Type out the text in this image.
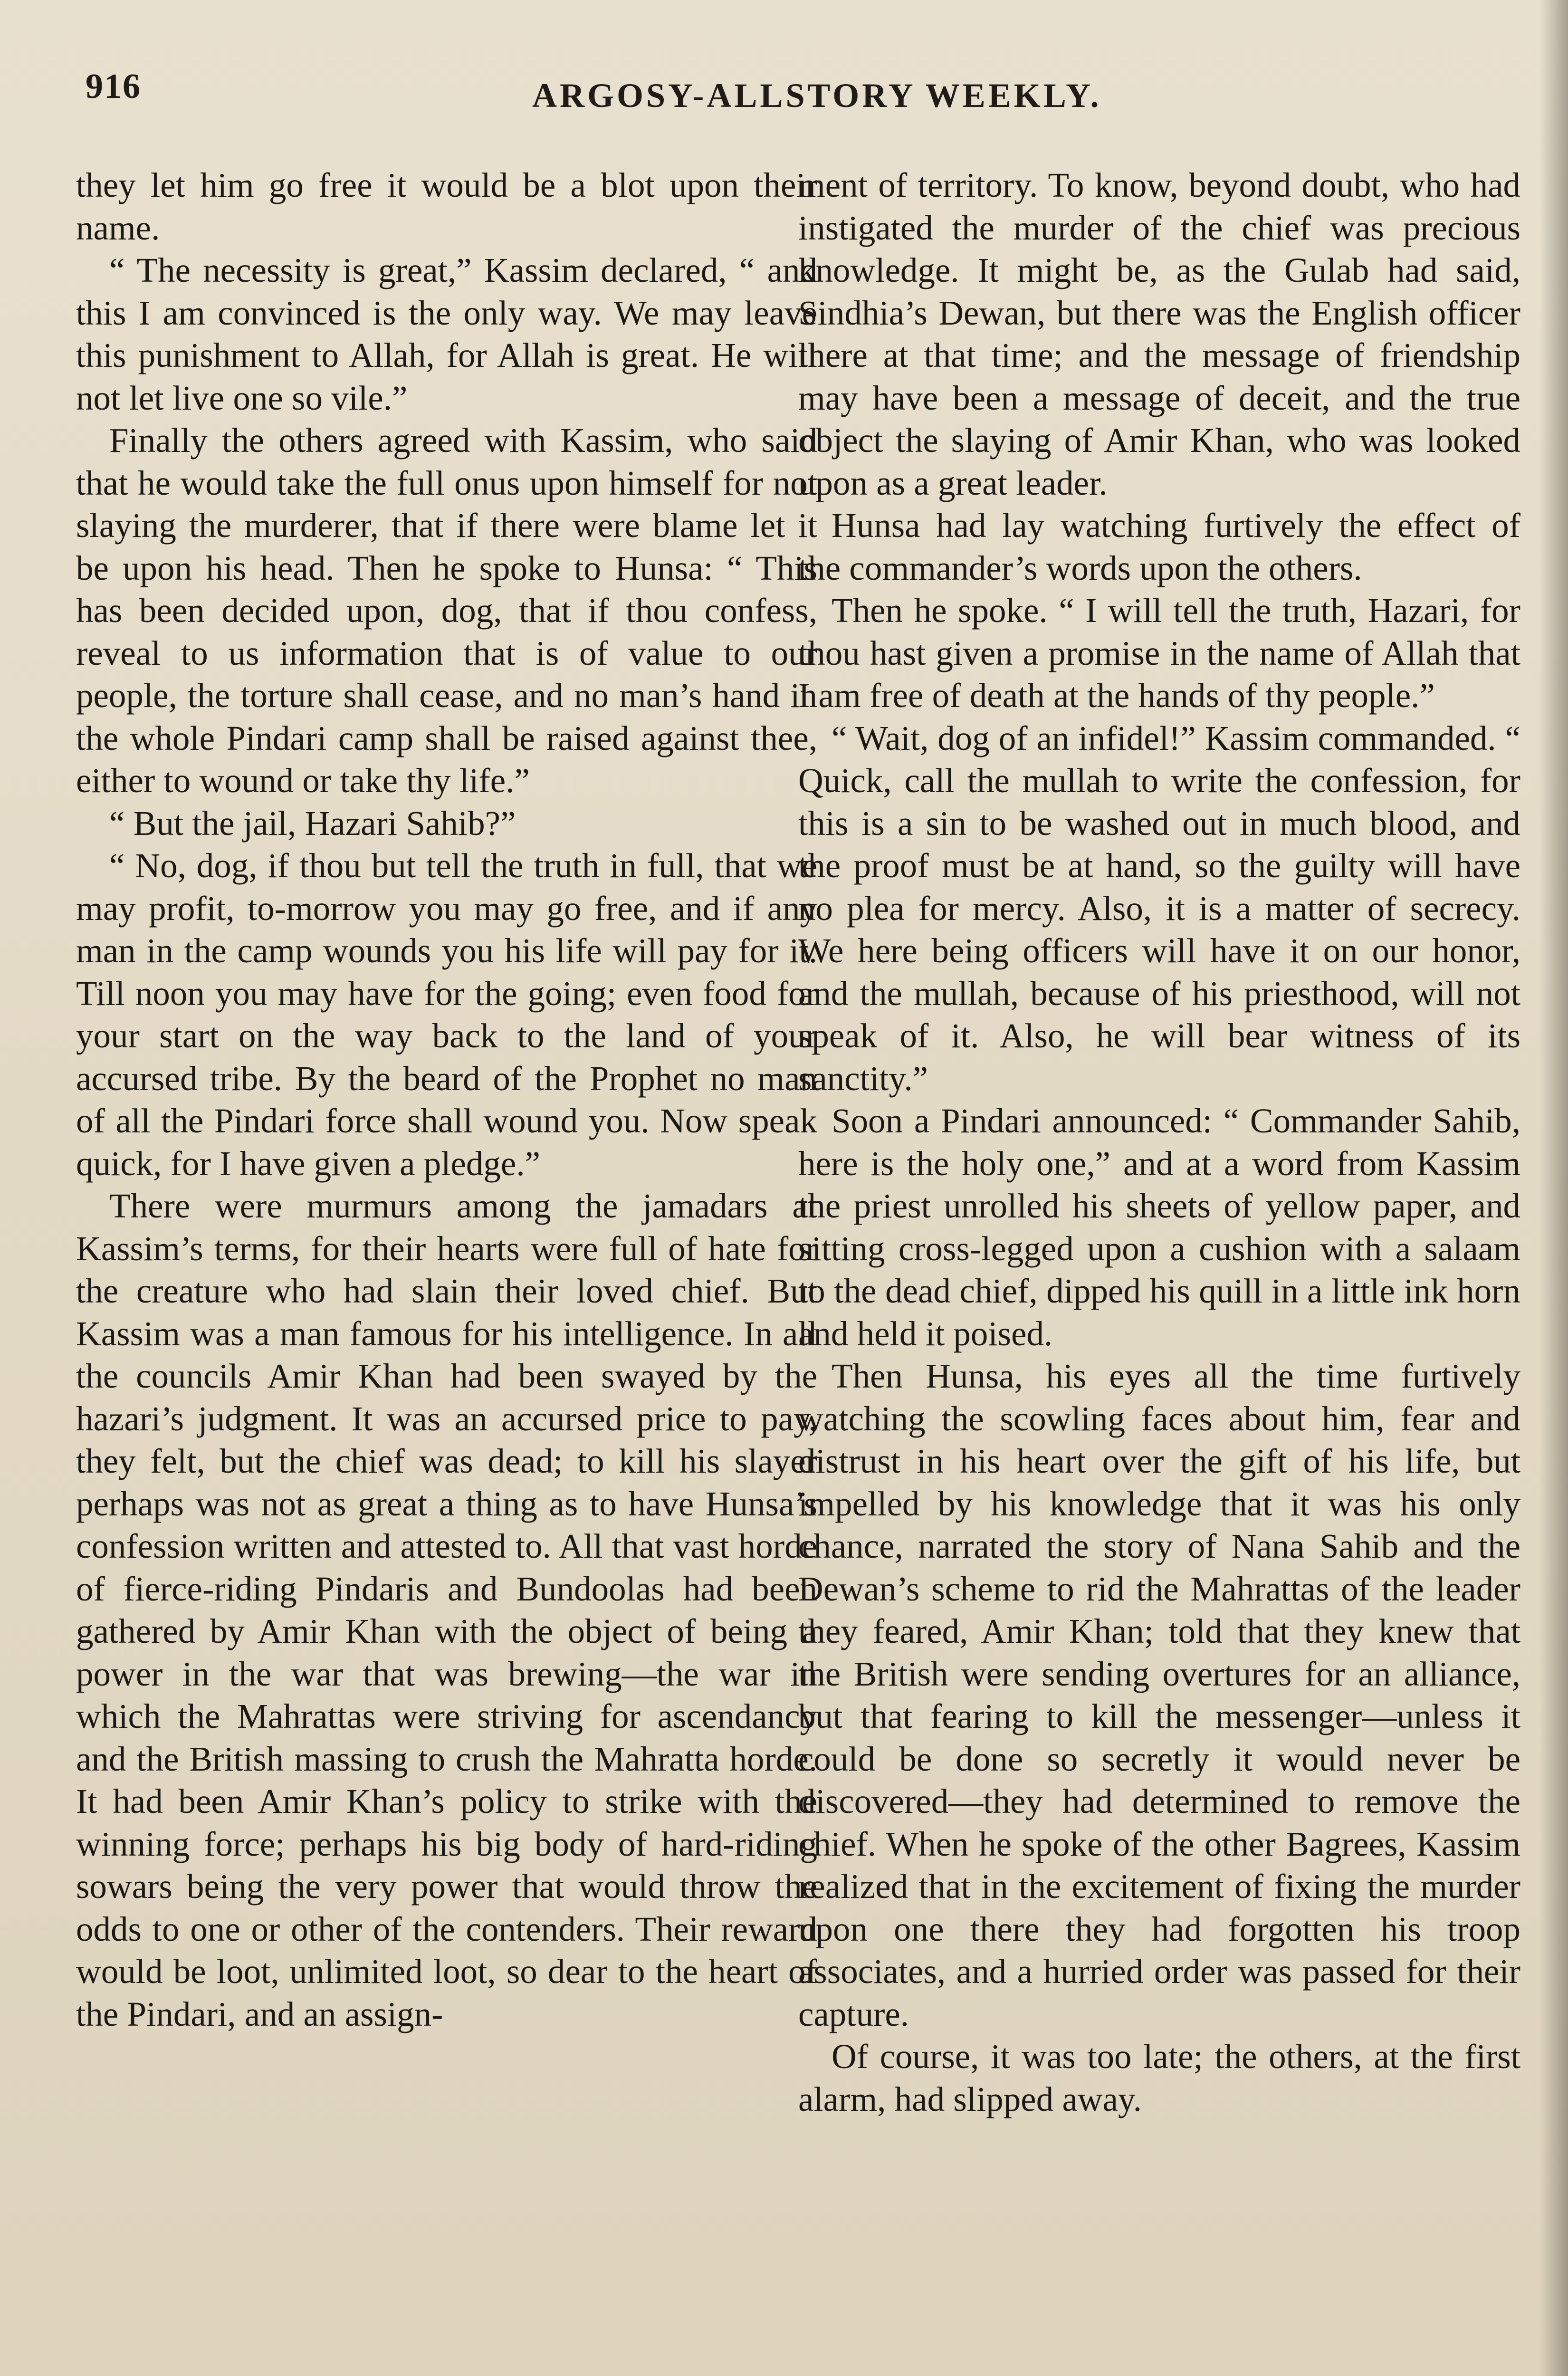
916	ARGOSY-ALLSTORY WEEKLY.

they let him go free it would be a blot upon their name.

“ The necessity is great,” Kassim declared, “ and this I am convinced is the only way. We may leave this punishment to Allah, for Allah is great. He will not let live one so vile.”

Finally the others agreed with Kassim, who said that he would take the full onus upon himself for not slaying the murderer, that if there were blame let it be upon his head. Then he spoke to Hunsa: “ This has been decided upon, dog, that if thou confess, reveal to us information that is of value to our people, the torture shall cease, and no man’s hand in the whole Pindari camp shall be raised against thee, either to wound or take thy life.”

“ But the jail, Hazari Sahib?”

“ No, dog, if thou but tell the truth in full, that we may profit, to-morrow you may go free, and if any man in the camp wounds you his life will pay for it. Till noon you may have for the going; even food for your start on the way back to the land of your accursed tribe. By the beard of the Prophet no man of all the Pindari force shall wound you. Now speak quick, for I have given a pledge.”

There were murmurs among the jamadars at Kassim’s terms, for their hearts were full of hate for the creature who had slain their loved chief. But Kassim was a man famous for his intelligence. In all the councils Amir Khan had been swayed by the hazari’s judgment. It was an accursed price to pay, they felt, but the chief was dead; to kill his slayer perhaps was not as great a thing as to have Hunsa’s confession written and attested to. All that vast horde of fierce-riding Pindaris and Bundoolas had been gathered by Amir Khan with the object of being a power in the war that was brewing—the war in which the Mahrattas were striving for ascendancy and the British massing to crush the Mahratta horde. It had been Amir Khan’s policy to strike with the winning force; perhaps his big body of hard-riding sowars being the very power that would throw the odds to one or other of the contenders. Their reward would be loot, unlimited loot, so dear to the heart of the Pindari, and an assign-

ment of territory. To know, beyond doubt, who had instigated the murder of the chief was precious knowledge. It might be, as the Gulab had said, Sindhia’s Dewan, but there was the English officer there at that time; and the message of friendship may have been a message of deceit, and the true object the slaying of Amir Khan, who was looked upon as a great leader.

Hunsa had lay watching furtively the effect of the commander’s words upon the others.

Then he spoke. “ I will tell the truth, Hazari, for thou hast given a promise in the name of Allah that I am free of death at the hands of thy people.”

“ Wait, dog of an infidel!” Kassim commanded. “ Quick, call the mullah to write the confession, for this is a sin to be washed out in much blood, and the proof must be at hand, so the guilty will have no plea for mercy. Also, it is a matter of secrecy. We here being officers will have it on our honor, and the mullah, because of his priesthood, will not speak of it. Also, he will bear witness of its sanctity.”

Soon a Pindari announced: “ Commander Sahib, here is the holy one,” and at a word from Kassim the priest unrolled his sheets of yellow paper, and sitting cross-legged upon a cushion with a salaam to the dead chief, dipped his quill in a little ink horn and held it poised.

Then Hunsa, his eyes all the time furtively watching the scowling faces about him, fear and distrust in his heart over the gift of his life, but impelled by his knowledge that it was his only chance, narrated the story of Nana Sahib and the Dewan’s scheme to rid the Mahrattas of the leader they feared, Amir Khan; told that they knew that the British were sending overtures for an alliance, but that fearing to kill the messenger—unless it could be done so secretly it would never be discovered—they had determined to remove the chief. When he spoke of the other Bagrees, Kassim realized that in the excitement of fixing the murder upon one there they had forgotten his troop associates, and a hurried order was passed for their capture.

Of course, it was too late; the others, at the first alarm, had slipped away.
